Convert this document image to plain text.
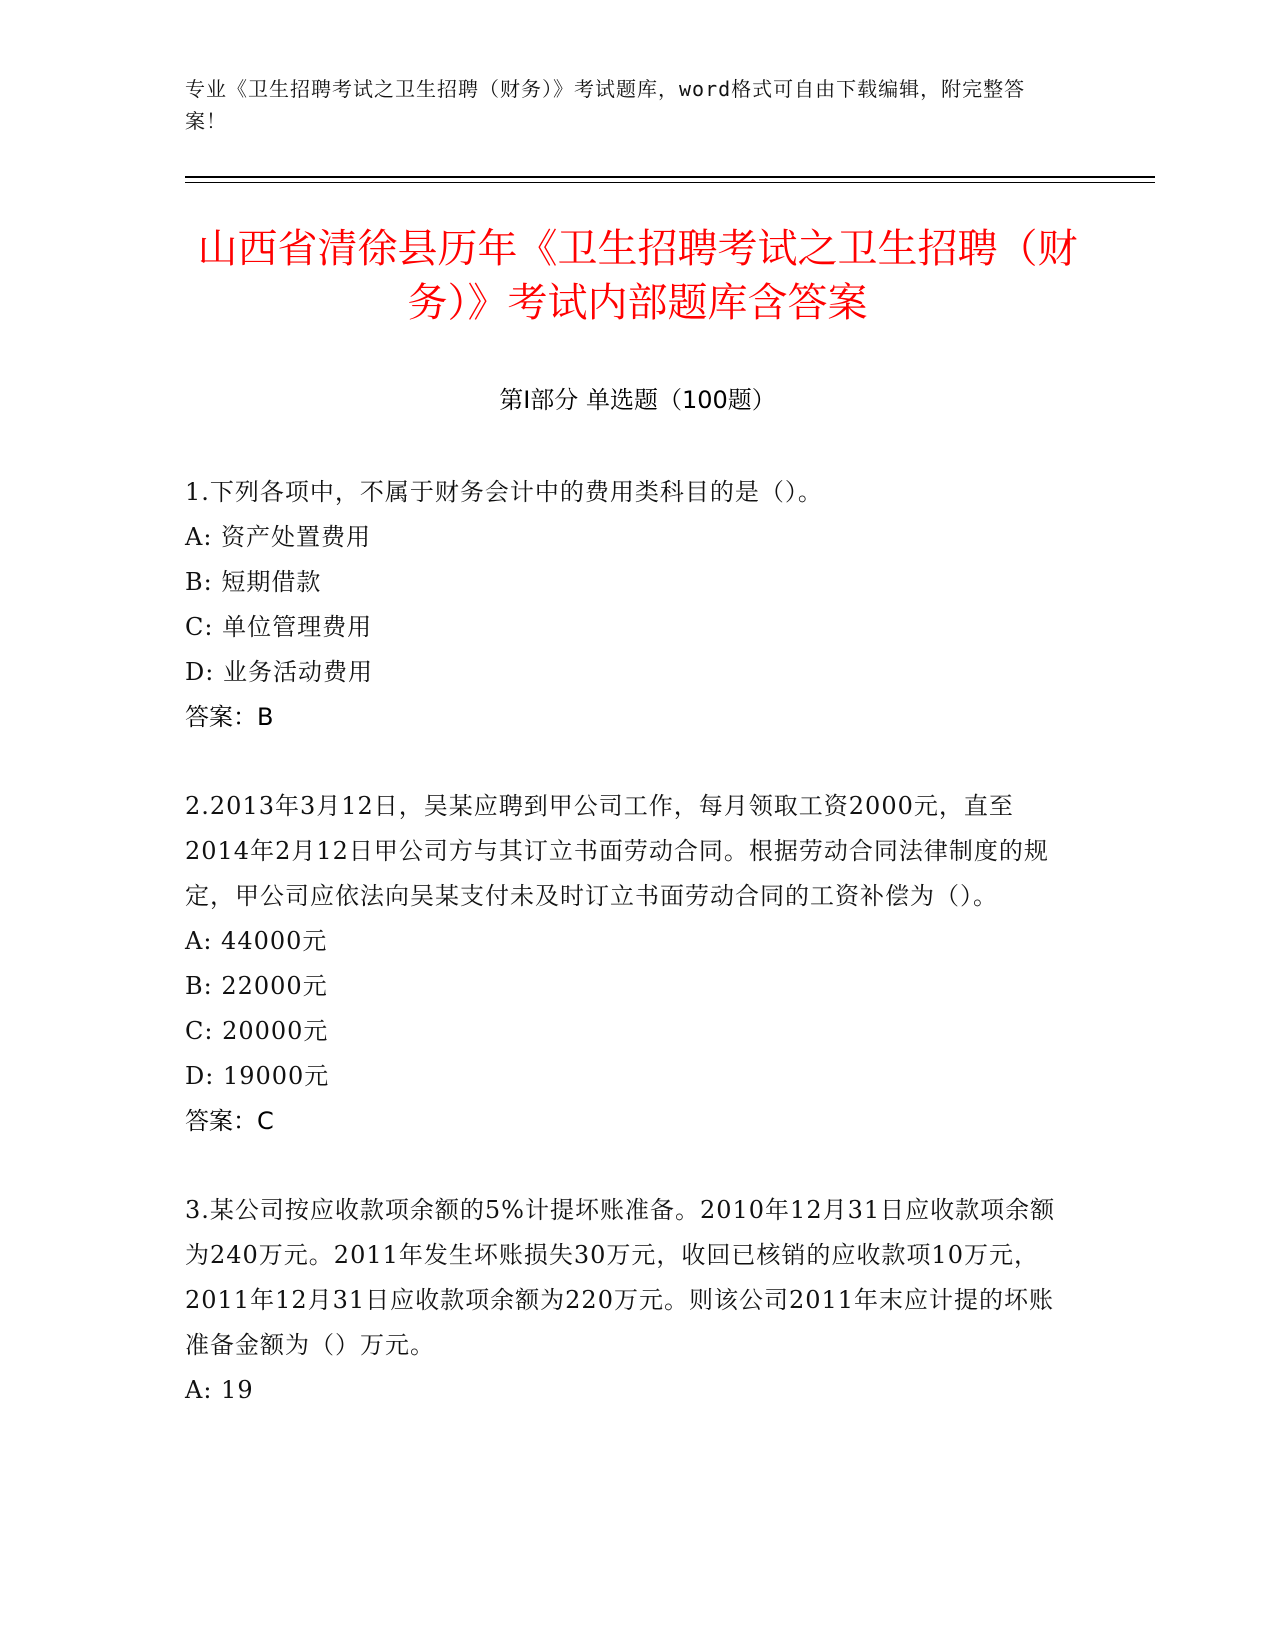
专业《卫生招聘考试之卫生招聘（财务）》考试题库，word格式可自由下载编辑，附完整答案！
山西省清徐县历年《卫生招聘考试之卫生招聘（财务）》考试内部题库含答案
第I部分 单选题（100题）

1.下列各项中，不属于财务会计中的费用类科目的是（）。

A: 资产处置费用

B: 短期借款

C: 单位管理费用

D: 业务活动费用

答案：B

2.2013年3月12日，吴某应聘到甲公司工作，每月领取工资2000元，直至2014年2月12日甲公司方与其订立书面劳动合同。根据劳动合同法律制度的规定，甲公司应依法向吴某支付未及时订立书面劳动合同的工资补偿为（）。

A: 44000元

B: 22000元

C: 20000元

D: 19000元

答案：C

3.某公司按应收款项余额的5%计提坏账准备。2010年12月31日应收款项余额为240万元。2011年发生坏账损失30万元，收回已核销的应收款项10万元，2011年12月31日应收款项余额为220万元。则该公司2011年末应计提的坏账准备金额为（）万元。

A: 19
